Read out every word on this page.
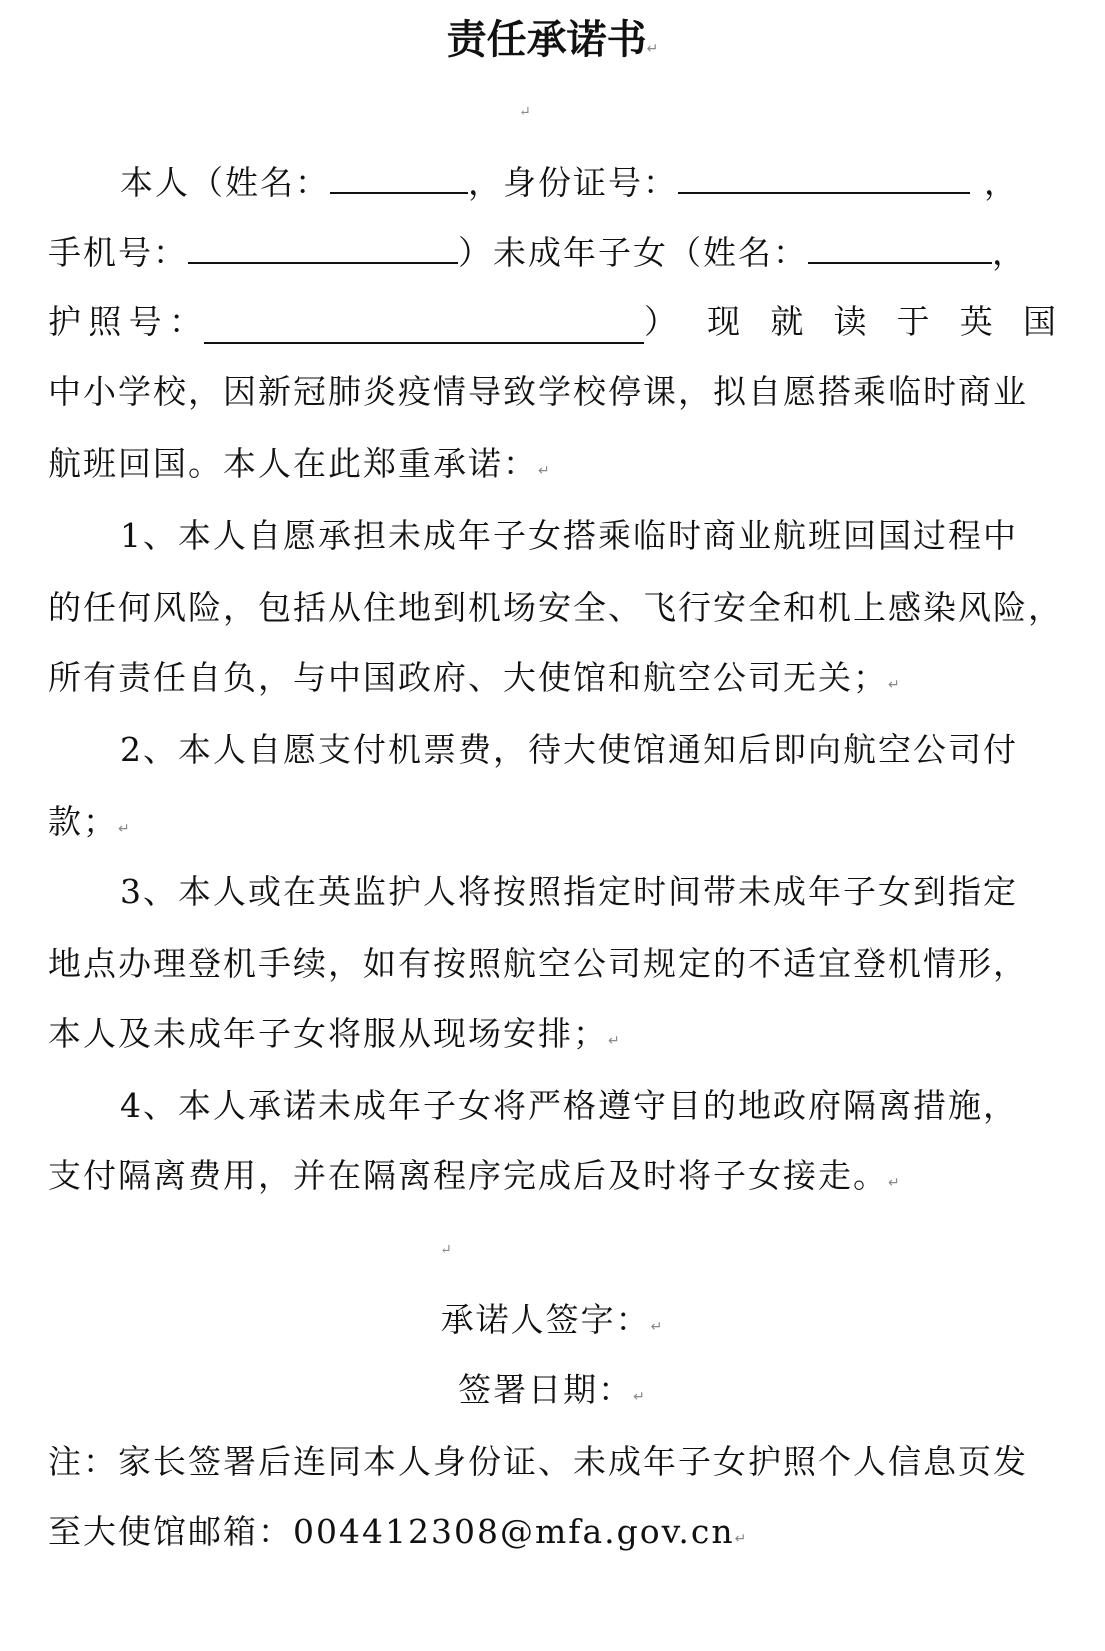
责任承诺书↵
↵
本人（姓名：	，身份证号：	，
手机号：	）未成年子女（姓名：	，
护 照 号 ：	） 现 就 读 于 英 国
中小学校，因新冠肺炎疫情导致学校停课，拟自愿搭乘临时商业
航班回国。本人在此郑重承诺：↵
1、本人自愿承担未成年子女搭乘临时商业航班回国过程中
的任何风险，包括从住地到机场安全、飞行安全和机上感染风险，
所有责任自负，与中国政府、大使馆和航空公司无关；↵
2、本人自愿支付机票费，待大使馆通知后即向航空公司付
款；↵
3、本人或在英监护人将按照指定时间带未成年子女到指定
地点办理登机手续，如有按照航空公司规定的不适宜登机情形，
本人及未成年子女将服从现场安排；↵
4、本人承诺未成年子女将严格遵守目的地政府隔离措施，
支付隔离费用，并在隔离程序完成后及时将子女接走。↵
↵
承诺人签字：↵
签署日期：↵
注：家长签署后连同本人身份证、未成年子女护照个人信息页发
至大使馆邮箱：004412308@mfa.gov.cn↵
